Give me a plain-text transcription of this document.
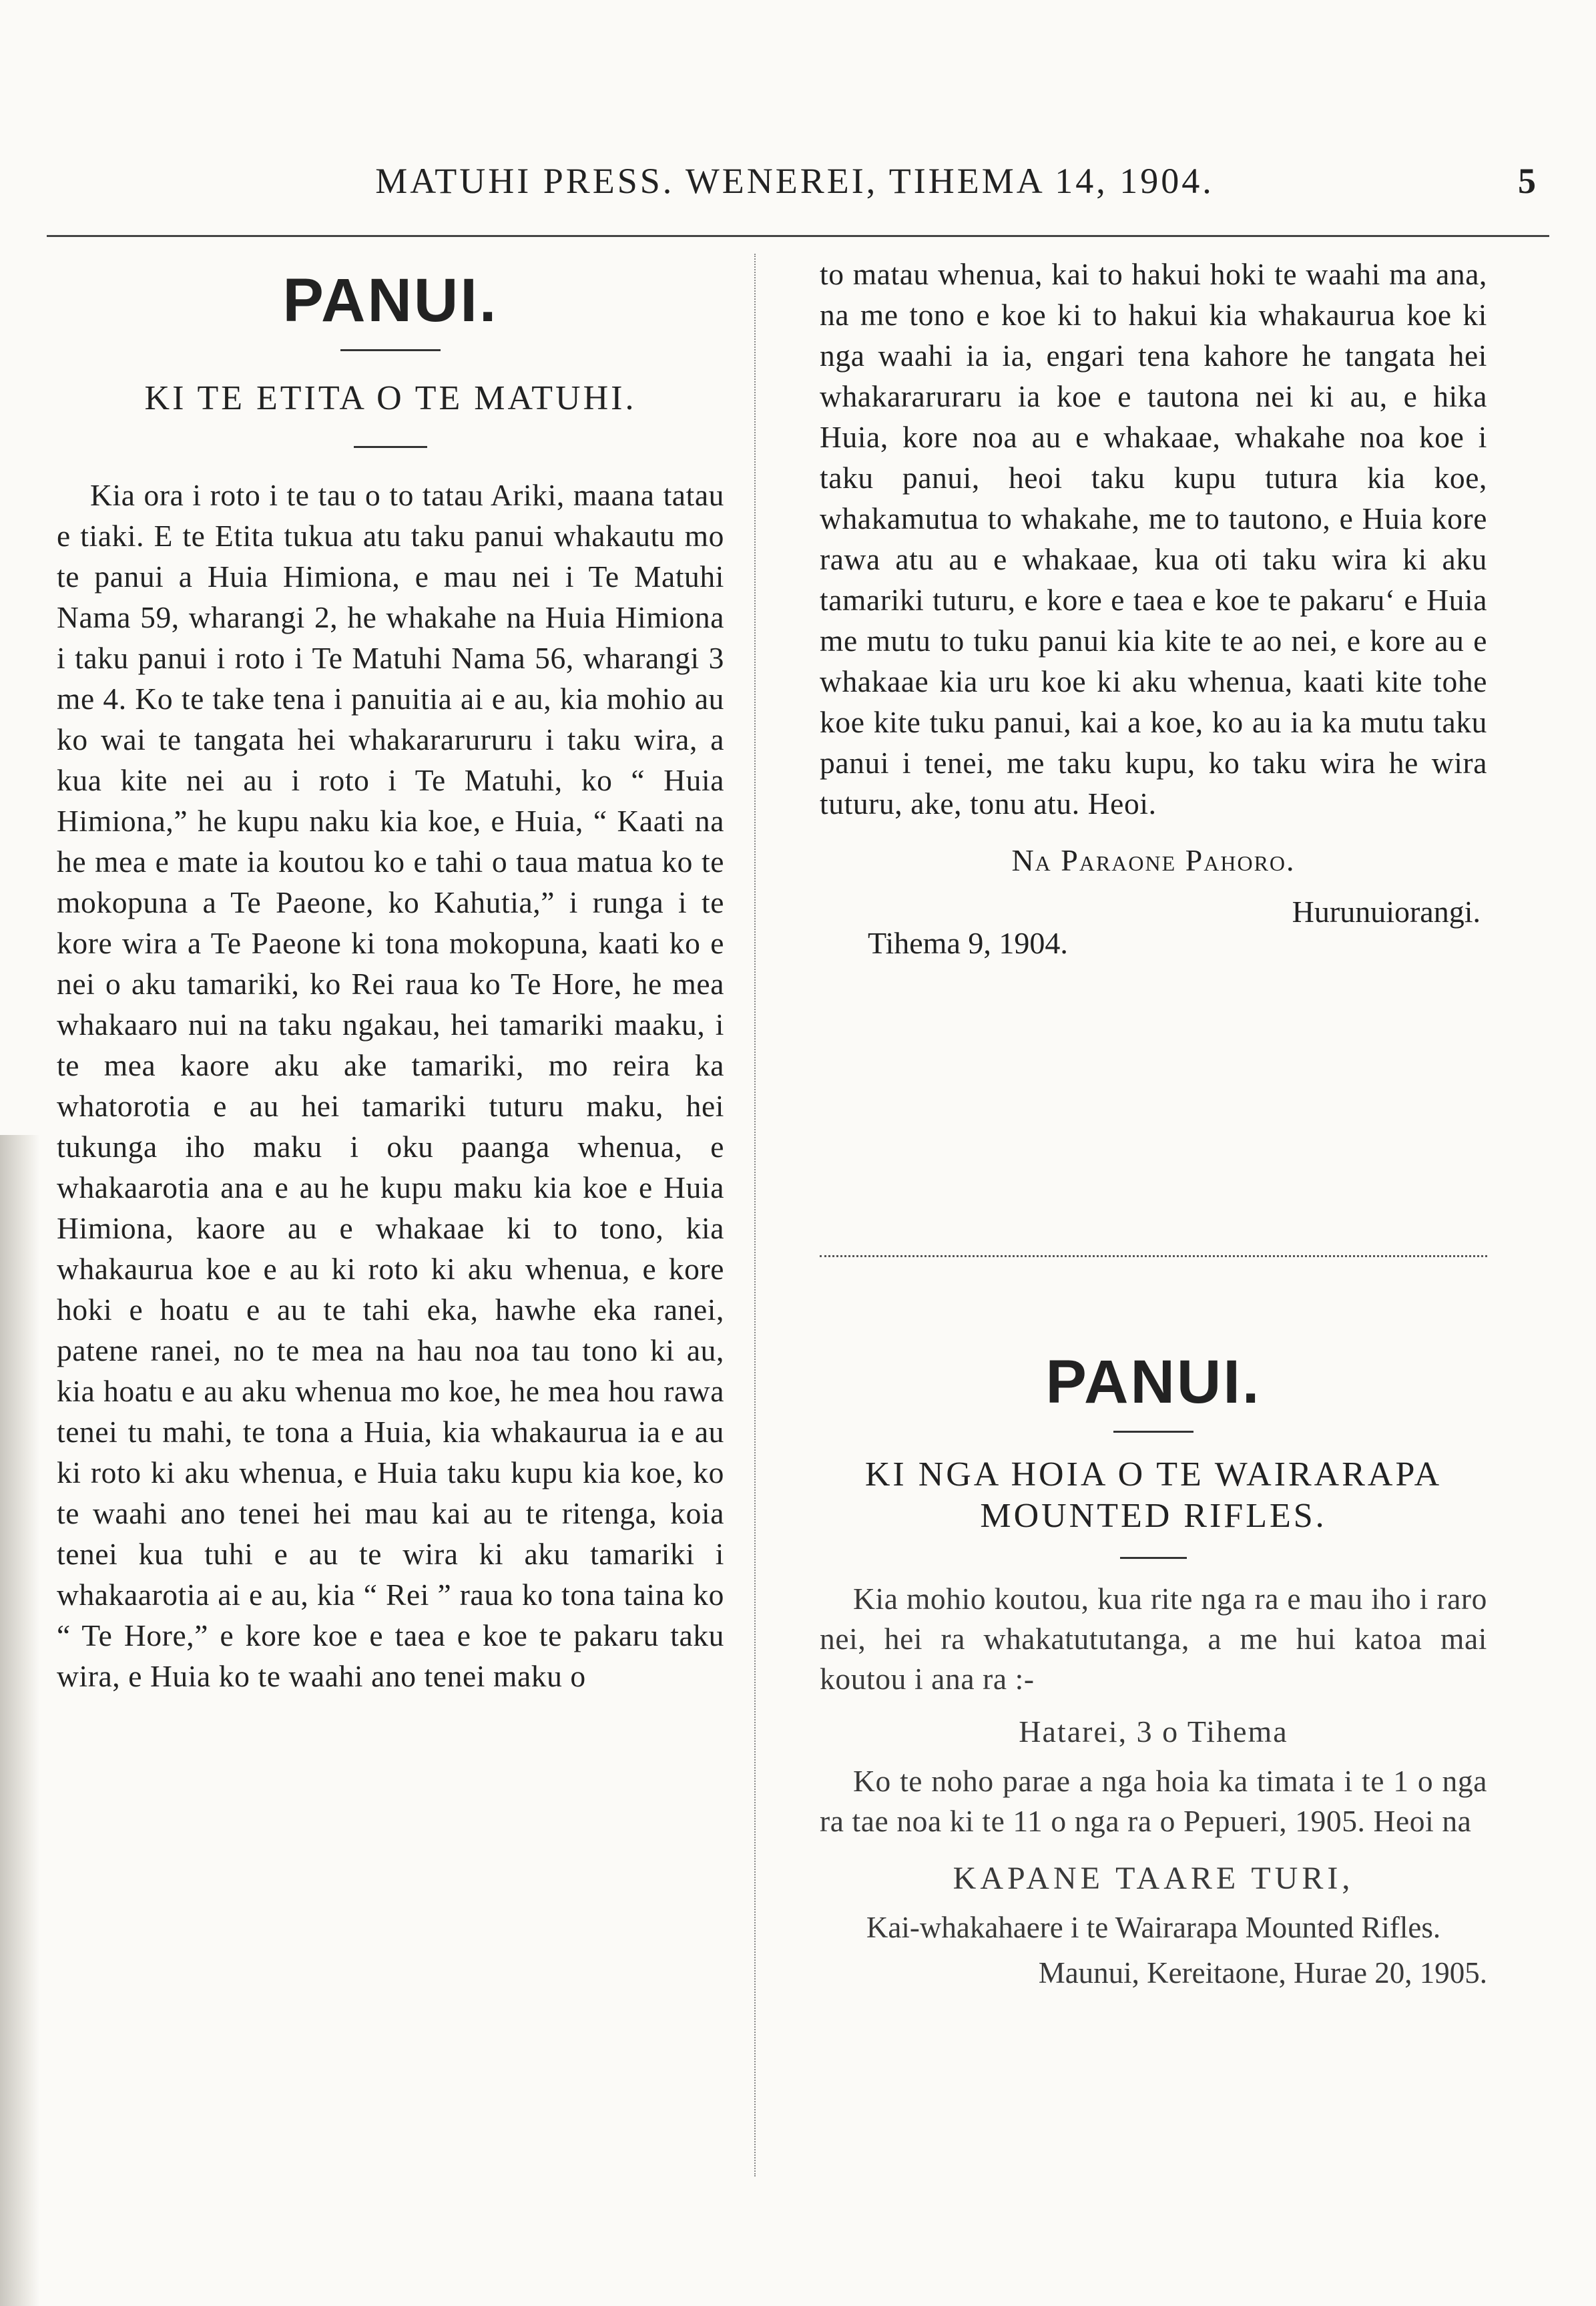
MATUHI PRESS. WENEREI, TIHEMA 14, 1904.	5
PANUI.
KI TE ETITA O TE MATUHI.

Kia ora i roto i te tau o to tatau Ariki, maana tatau e tiaki. E te Etita tukua atu taku panui whakautu mo te panui a Huia Himiona, e mau nei i Te Matuhi Nama 59, wharangi 2, he whakahe na Huia Himiona i taku panui i roto i Te Matuhi Nama 56, wharangi 3 me 4. Ko te take tena i panuitia ai e au, kia mohio au ko wai te tangata hei whakararururu i taku wira, a kua kite nei au i roto i Te Matuhi, ko “ Huia Himiona,” he kupu naku kia koe, e Huia, “ Kaati na he mea e mate ia koutou ko e tahi o taua matua ko te mokopuna a Te Paeone, ko Kahutia,” i runga i te kore wira a Te Paeone ki tona mokopuna, kaati ko e nei o aku tamariki, ko Rei raua ko Te Hore, he mea whakaaro nui na taku ngakau, hei tamariki maaku, i te mea kaore aku ake tamariki, mo reira ka whatorotia e au hei tamariki tuturu maku, hei tukunga iho maku i oku paanga whenua, e whakaarotia ana e au he kupu maku kia koe e Huia Himiona, kaore au e whakaae ki to tono, kia whakaurua koe e au ki roto ki aku whenua, e kore hoki e hoatu e au te tahi eka, hawhe eka ranei, patene ranei, no te mea na hau noa tau tono ki au, kia hoatu e au aku whenua mo koe, he mea hou rawa tenei tu mahi, te tona a Huia, kia whakaurua ia e au ki roto ki aku whenua, e Huia taku kupu kia koe, ko te waahi ano tenei hei mau kai au te ritenga, koia tenei kua tuhi e au te wira ki aku tamariki i whakaarotia ai e au, kia “ Rei ” raua ko tona taina ko “ Te Hore,” e kore koe e taea e koe te pakaru taku wira, e Huia ko te waahi ano tenei maku o

to matau whenua, kai to hakui hoki te waahi ma ana, na me tono e koe ki to hakui kia whakaurua koe ki nga waahi ia ia, engari tena kahore he tangata hei whakararuraru ia koe e tautona nei ki au, e hika Huia, kore noa au e whakaae, whakahe noa koe i taku panui, heoi taku kupu tutura kia koe, whakamutua to whakahe, me to tautono, e Huia kore rawa atu au e whakaae, kua oti taku wira ki aku tamariki tuturu, e kore e taea e koe te pakaru‘ e Huia me mutu to tuku panui kia kite te ao nei, e kore au e whakaae kia uru koe ki aku whenua, kaati kite tohe koe kite tuku panui, kai a koe, ko au ia ka mutu taku panui i tenei, me taku kupu, ko taku wira he wira tuturu, ake, tonu atu. Heoi.

Na Paraone Pahoro.
Hurunuiorangi.
Tihema 9, 1904.
PANUI.
KI NGA HOIA O TE WAIRARAPA MOUNTED RIFLES.

Kia mohio koutou, kua rite nga ra e mau iho i raro nei, hei ra whakatututanga, a me hui katoa mai koutou i ana ra :-

Hatarei, 3 o Tihema

Ko te noho parae a nga hoia ka timata i te 1 o nga ra tae noa ki te 11 o nga ra o Pepueri, 1905. Heoi na

KAPANE TAARE TURI,
Kai-whakahaere i te Wairarapa Mounted Rifles.
Maunui, Kereitaone, Hurae 20, 1905.
